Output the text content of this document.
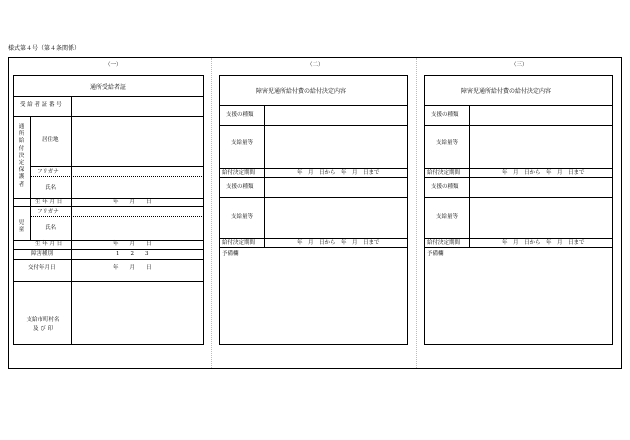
様式第４号（第４条関係）
（一）
通所受給者証
受 給 者 証 番 号
通所給付決定保護者
居住地
フリガナ
氏名
生 年 月 日	年　　月　　日
児童
フリガナ
氏名
生 年 月 日	年　　月　　日
障害種別	1　　2　　3
交付年月日	年　　月　　日
支給市町村名及 び 印
（二）
障害児通所給付費の給付決定内容
支援の種類
支給量等
給付決定期間	年　月　日から　年　月　日まで
支援の種類
支給量等
給付決定期間	年　月　日から　年　月　日まで
予備欄
（三）
障害児通所給付費の給付決定内容
支援の種類
支給量等
給付決定期間	年　月　日から　年　月　日まで
支援の種類
支給量等
給付決定期間	年　月　日から　年　月　日まで
予備欄
